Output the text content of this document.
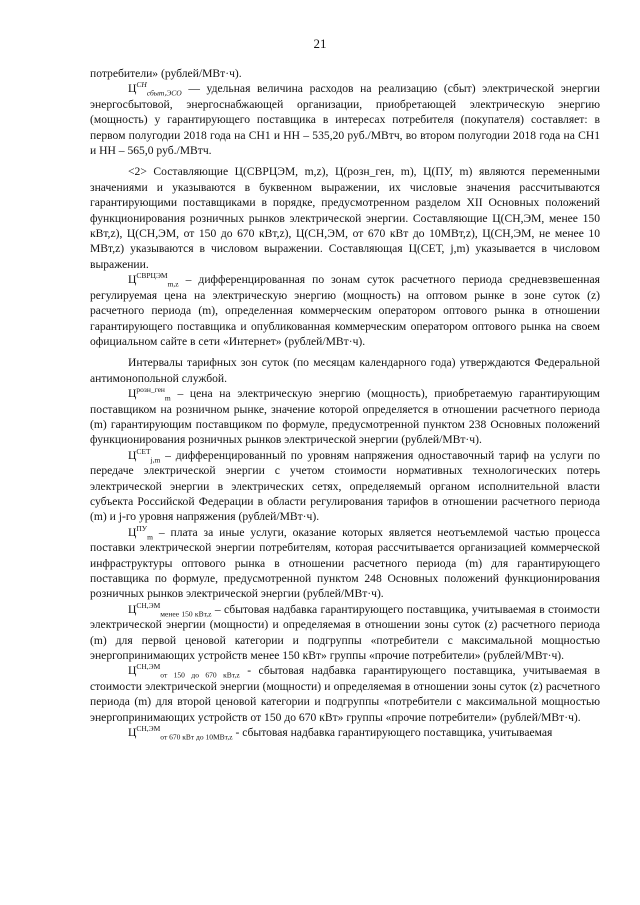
21

потребители» (рублей/МВт·ч).

$Ц^{СН}_{сбыт,ЭСО}$ — удельная величина расходов на реализацию (сбыт) электрической энергии энергосбытовой, энергоснабжающей организации, приобретающей электрическую энергию (мощность) у гарантирующего поставщика в интересах потребителя (покупателя) составляет: в первом полугодии 2018 года на СН1 и НН – 535,20 руб./МВтч, во втором полугодии 2018 года на СН1 и НН – 565,0 руб./МВтч.

<2> Составляющие Ц(СВРЦЭМ, m,z), Ц(розн_ген, m), Ц(ПУ, m) являются переменными значениями и указываются в буквенном выражении, их числовые значения рассчитываются гарантирующими поставщиками в порядке, предусмотренном разделом XII Основных положений функционирования розничных рынков электрической энергии. Составляющие Ц(СН,ЭМ, менее 150 кВт,z), Ц(СН,ЭМ, от 150 до 670 кВт,z), Ц(СН,ЭМ, от 670 кВт до 10МВт,z), Ц(СН,ЭМ, не менее 10 МВт,z) указываются в числовом выражении. Составляющая Ц(СЕТ, j,m) указывается в числовом выражении.

$Ц^{СВРЦЭМ}_{m,z}$ – дифференцированная по зонам суток расчетного периода средневзвешенная регулируемая цена на электрическую энергию (мощность) на оптовом рынке в зоне суток (z) расчетного периода (m), определенная коммерческим оператором оптового рынка в отношении гарантирующего поставщика и опубликованная коммерческим оператором оптового рынка на своем официальном сайте в сети «Интернет» (рублей/МВт·ч).

Интервалы тарифных зон суток (по месяцам календарного года) утверждаются Федеральной антимонопольной службой.

$Ц^{розн\_ген}_m$ – цена на электрическую энергию (мощность), приобретаемую гарантирующим поставщиком на розничном рынке, значение которой определяется в отношении расчетного периода (m) гарантирующим поставщиком по формуле, предусмотренной пунктом 238 Основных положений функционирования розничных рынков электрической энергии (рублей/МВт·ч).

$Ц^{СЕТ}_{j,m}$ – дифференцированный по уровням напряжения одноставочный тариф на услуги по передаче электрической энергии с учетом стоимости нормативных технологических потерь электрической энергии в электрических сетях, определяемый органом исполнительной власти субъекта Российской Федерации в области регулирования тарифов в отношении расчетного периода (m) и j-го уровня напряжения (рублей/МВт·ч).

$Ц^{ПУ}_m$ – плата за иные услуги, оказание которых является неотъемлемой частью процесса поставки электрической энергии потребителям, которая рассчитывается организацией коммерческой инфраструктуры оптового рынка в отношении расчетного периода (m) для гарантирующего поставщика по формуле, предусмотренной пунктом 248 Основных положений функционирования розничных рынков электрической энергии (рублей/МВт·ч).

$Ц^{СН,ЭМ}_{менее 150 кВт,z}$ – сбытовая надбавка гарантирующего поставщика, учитываемая в стоимости электрической энергии (мощности) и определяемая в отношении зоны суток (z) расчетного периода (m) для первой ценовой категории и подгруппы «потребители с максимальной мощностью энергопринимающих устройств менее 150 кВт» группы «прочие потребители» (рублей/МВт·ч).

$Ц^{СН,ЭМ}_{от 150 до 670 кВт,z}$ - сбытовая надбавка гарантирующего поставщика, учитываемая в стоимости электрической энергии (мощности) и определяемая в отношении зоны суток (z) расчетного периода (m) для второй ценовой категории и подгруппы «потребители с максимальной мощностью энергопринимающих устройств от 150 до 670 кВт» группы «прочие потребители» (рублей/МВт·ч).

$Ц^{СН,ЭМ}_{от 670 кВт до 10МВт,z}$ - сбытовая надбавка гарантирующего поставщика, учитываемая
